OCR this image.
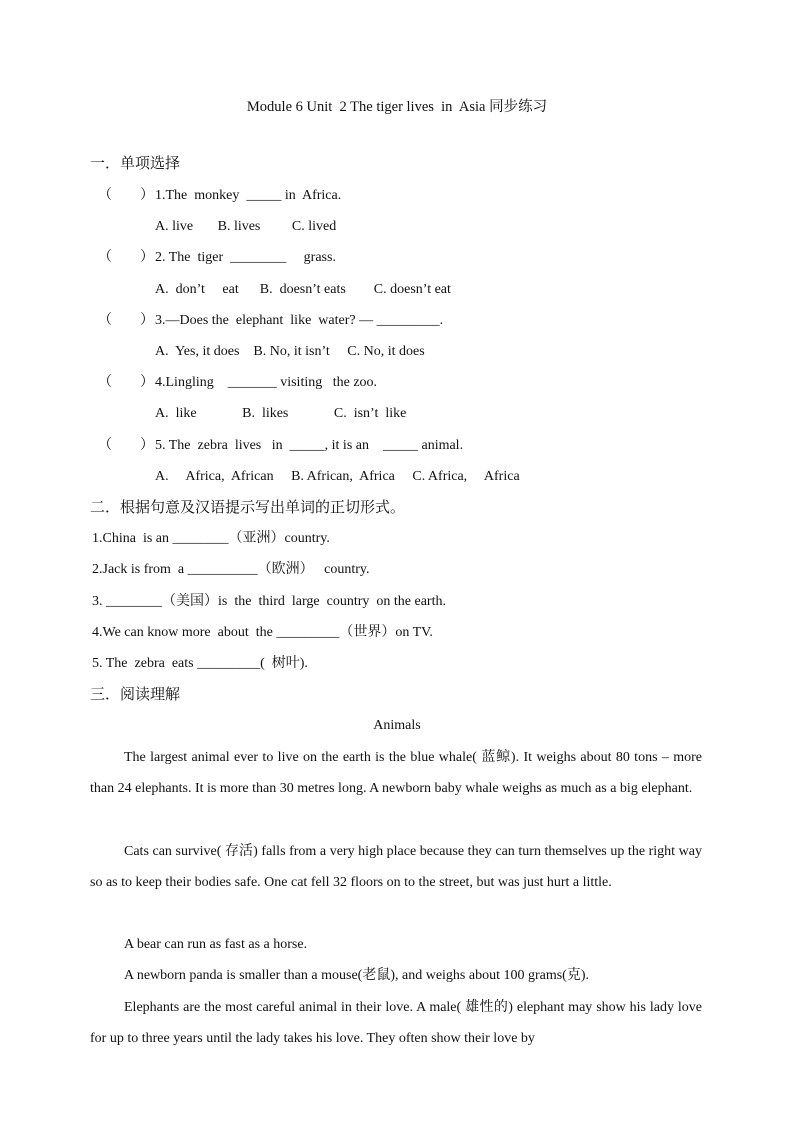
Module 6 Unit  2 The tiger lives  in  Asia 同步练习
一．单项选择
（        ） 1.The  monkey  _____ in  Africa.
A. live       B. lives         C. lived
（        ） 2. The  tiger  ________     grass.
A.  don’t     eat      B.  doesn’t eats        C. doesn’t eat
（        ） 3.—Does the  elephant  like  water? — _________.
A.  Yes, it does    B. No, it isn’t     C. No, it does
（        ） 4.Lingling    _______ visiting   the zoo.
A.  like             B.  likes             C.  isn’t  like
（        ） 5. The  zebra  lives   in  _____, it is an    _____ animal.
A.     Africa,  African     B. African,  Africa     C. Africa,     Africa
二．根据句意及汉语提示写出单词的正切形式。
1.China  is an ________（亚洲）country.
2.Jack is from  a __________（欧洲）   country.
3. ________（美国）is  the  third  large  country  on the earth.
4.We can know more  about  the _________（世界）on TV.
5. The  zebra  eats _________(  树叶).
三．阅读理解
Animals
The largest animal ever to live on the earth is the blue whale( 蓝鲸). It weighs about 80 tons – more than 24 elephants. It is more than 30 metres long. A newborn baby whale weighs as much as a big elephant.
Cats can survive( 存活) falls from a very high place because they can turn themselves up the right way so as to keep their bodies safe. One cat fell 32 floors on to the street, but was just hurt a little.
A bear can run as fast as a horse.
A newborn panda is smaller than a mouse(老鼠), and weighs about 100 grams(克).
Elephants are the most careful animal in their love. A male( 雄性的) elephant may show his lady love for up to three years until the lady takes his love. They often show their love by
